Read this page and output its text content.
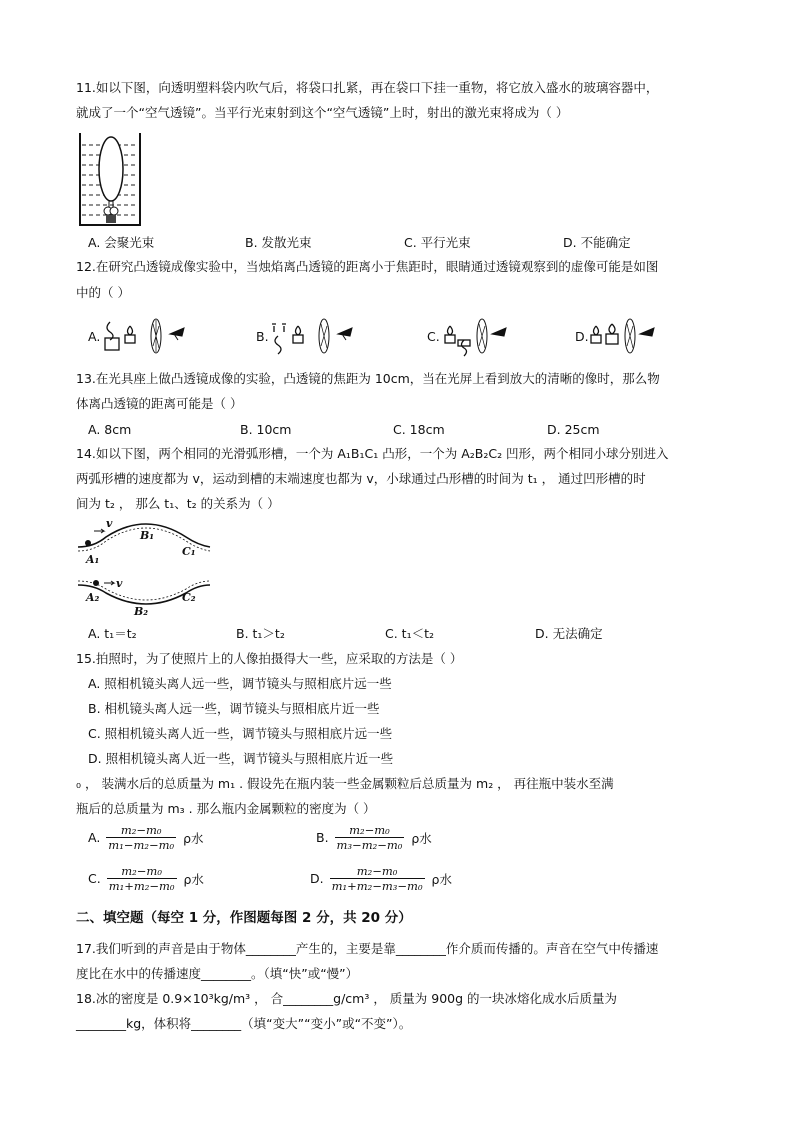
11.如以下图，向透明塑料袋内吹气后，将袋口扎紧，再在袋口下挂一重物，将它放入盛水的玻璃容器中，
就成了一个“空气透镜”。当平行光束射到这个“空气透镜”上时，射出的激光束将成为（ ）
A. 会聚光束	B. 发散光束	C. 平行光束	D. 不能确定
12.在研究凸透镜成像实验中，当烛焰离凸透镜的距离小于焦距时，眼睛通过透镜观察到的虚像可能是如图
中的（ ）
A.	B.	C.	D.
13.在光具座上做凸透镜成像的实验，凸透镜的焦距为 10cm，当在光屏上看到放大的清晰的像时，那么物
体离凸透镜的距离可能是（ ）
A. 8cm	B. 10cm	C. 18cm	D. 25cm
14.如以下图，两个相同的光滑弧形槽，一个为 A₁B₁C₁ 凸形，一个为 A₂B₂C₂ 凹形，两个相同小球分别进入
两弧形槽的速度都为 v，运动到槽的末端速度也都为 v，小球通过凸形槽的时间为 t₁ ， 通过凹形槽的时
间为 t₂ ， 那么 t₁、t₂ 的关系为（ ）
v
A₁
B₁
C₁
v
A₂
B₂
C₂
A. t₁＝t₂	B. t₁＞t₂	C. t₁＜t₂	D. 无法确定
15.拍照时，为了使照片上的人像拍摄得大一些，应采取的方法是（ ）
A. 照相机镜头离人远一些，调节镜头与照相底片远一些
B. 相机镜头离人远一些，调节镜头与照相底片近一些
C. 照相机镜头离人近一些，调节镜头与照相底片远一些
D. 照相机镜头离人近一些，调节镜头与照相底片近一些
₀ ， 装满水后的总质量为 m₁ . 假设先在瓶内装一些金属颗粒后总质量为 m₂ ， 再往瓶中装水至满
瓶后的总质量为 m₃ . 那么瓶内金属颗粒的密度为（ ）
A. $\frac{\text{m₂−m₀}}{\text{m₁−m₂−m₀}}$ ρ水	B. $\frac{\text{m₂−m₀}}{\text{m₃−m₂−m₀}}$ ρ水
C. $\frac{\text{m₂−m₀}}{\text{m₁+m₂−m₀}}$ ρ水	D. $\frac{\text{m₂−m₀}}{\text{m₁+m₂−m₃−m₀}}$ ρ水
二、填空题（每空 1 分，作图题每图 2 分，共 20 分）
17.我们听到的声音是由于物体________产生的，主要是靠________作介质而传播的。声音在空气中传播速
度比在水中的传播速度________。（填“快”或“慢”）
18.冰的密度是 0.9×10³kg/m³ ， 合________g/cm³ ， 质量为 900g 的一块冰熔化成水后质量为
________kg，体积将________（填“变大”“变小”或“不变”）。
